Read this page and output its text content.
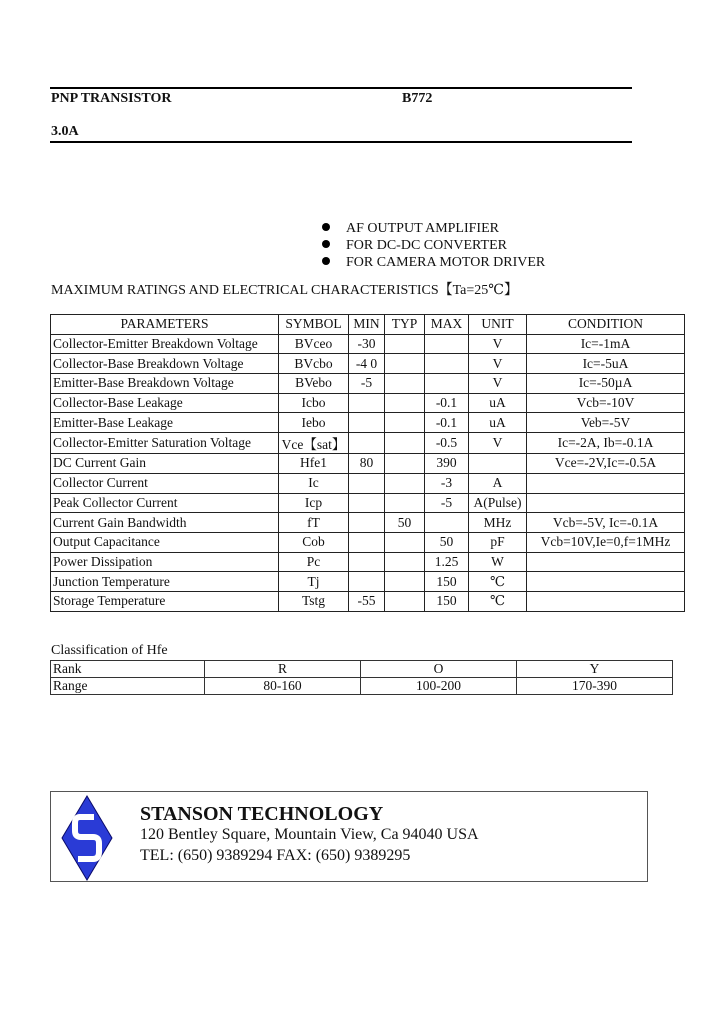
PNP TRANSISTOR	B772
3.0A
AF OUTPUT AMPLIFIER
FOR DC-DC CONVERTER
FOR CAMERA MOTOR DRIVER
MAXIMUM RATINGS AND ELECTRICAL CHARACTERISTICS【Ta=25℃】
PARAMETERS	SYMBOL	MIN	TYP	MAX	UNIT	CONDITION
Collector-Emitter Breakdown Voltage	BVceo	-30			V	Ic=-1mA
Collector-Base Breakdown Voltage	BVcbo	-4 0			V	Ic=-5uA
Emitter-Base Breakdown Voltage	BVebo	-5			V	Ic=-50µA
Collector-Base Leakage	Icbo			-0.1	uA	Vcb=-10V
Emitter-Base Leakage	Iebo			-0.1	uA	Veb=-5V
Collector-Emitter Saturation Voltage	Vce【sat】			-0.5	V	Ic=-2A, Ib=-0.1A
DC Current Gain	Hfe1	80		390		Vce=-2V,Ic=-0.5A
Collector Current	Ic			-3	A	
Peak Collector Current	Icp			-5	A(Pulse)	
Current Gain Bandwidth	fT		50		MHz	Vcb=-5V, Ic=-0.1A
Output Capacitance	Cob			50	pF	Vcb=10V,Ie=0,f=1MHz
Power Dissipation	Pc			1.25	W	
Junction Temperature	Tj			150	℃	
Storage Temperature	Tstg	-55		150	℃	
Classification of Hfe
Rank	R	O	Y
Range	80-160	100-200	170-390
STANSON TECHNOLOGY
120 Bentley Square, Mountain View, Ca 94040 USA
TEL: (650) 9389294 FAX: (650) 9389295
